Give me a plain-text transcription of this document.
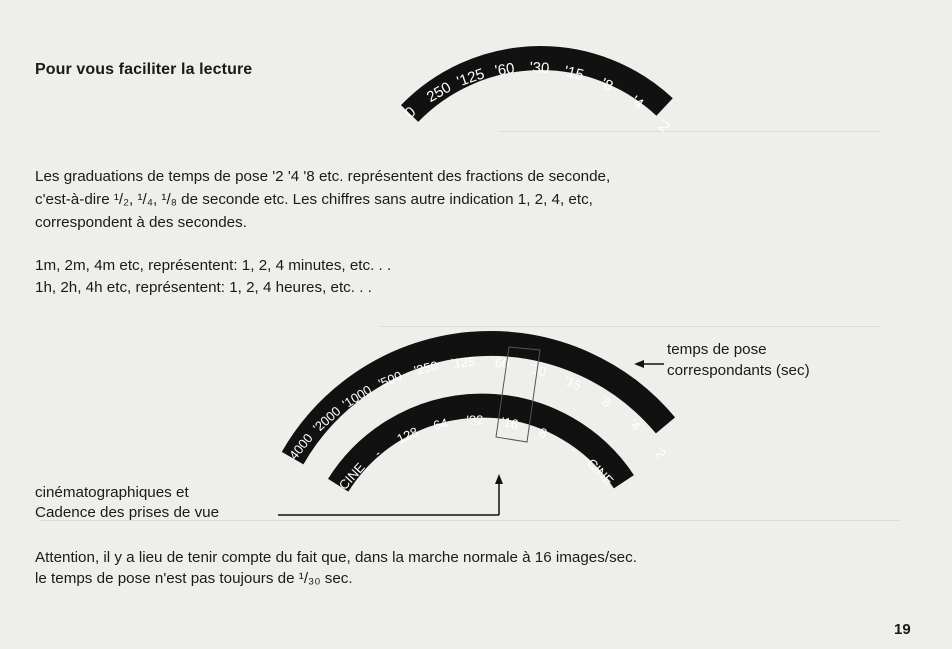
Pour vous faciliter la lecture
0
250
'125 '60 '30 '15
'8
'4
'2
4000
'2000
'1000
'500
'250 '125 '60 '30
'15
'8
'4
'2
CINE
-
128 64 '32 '16
8
-
CINE

Les graduations de temps de pose '2 '4 '8 etc. représentent des fractions de seconde,

c'est-à-dire ¹/₂, ¹/₄, ¹/₈ de seconde etc. Les chiffres sans autre indication 1, 2, 4, etc,

correspondent à des secondes.

1m, 2m, 4m etc, représentent: 1, 2, 4 minutes, etc. . .
1h, 2h, 4h etc, représentent: 1, 2, 4 heures, etc. . .
temps de pose
correspondants (sec)
cinématographiques et
Cadence des prises de vue
Attention, il y a lieu de tenir compte du fait que, dans la marche normale à 16 images/sec.
le temps de pose n'est pas toujours de ¹/₃₀ sec.
19
